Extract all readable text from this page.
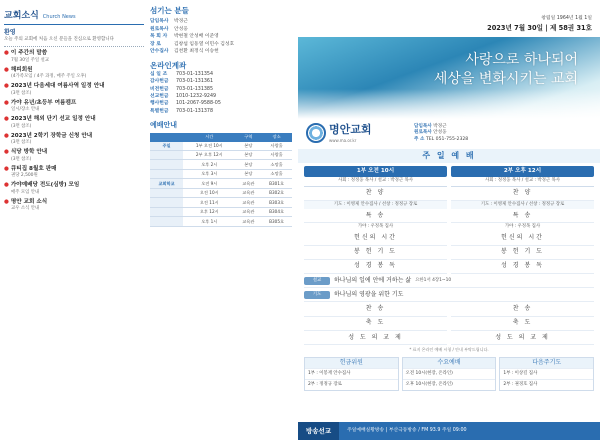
교회소식 Church News
환영
오늘 주의 교회에 처음 오신 분들을 진심으로 환영합니다
● 이 주간의 말씀
7월 30일 주일 설교
● 해피회원
(4가족모임 / 4주 과정, 매주 주일 오후)
● 2023년 다음세대 여름사역 일정 안내
(3면 참조)
● 가야 유년/초등부 여름캠프
일시/장소 안내
● 2023년 해외 단기 선교 일정 안내
(3면 참조)
● 2023년 2학기 장학금 신청 안내
(3면 참조)
● 식당 방학 안내
(3면 참조)
● 큐티집 8월호 판매
권당 2,500원
● 가야예배당 전도(심방) 모임
매주 모임 안내
● 명안 교회 소식
교우 소식 안내
섬기는 분들
담임목사	박경근
원로목사	안성웅
목 회 자	박현철 안성배 이준영
장 로	김창섭 임동열 이민수 김성호
안수집사	김천환 최정식 이승헌
온라인계좌
십 일 조	703-01-131354
감사헌금	703-01-131361
비전헌금	703-01-131385
선교헌금	1010-1232-9249
행사헌금	101-2067-9588-05
특별헌금	703-01-131378
예배안내
	시간	구역	장소
주일	1부 오전 10시	본당	사랑홀
	2부 오후 12시	본당	사랑홀
	오후 2시	본당	소망홀
	오후 3시	본당	소망홀
교회학교	오전 9시	교육관	B301호
	오전 10시	교육관	B302호
	오전 11시	교육관	B303호
	오후 12시	교육관	B304호
	오후 1시	교육관	B305호
창립일 1964년 1월 1일
2023년 7월 30일 | 제 58권 31호
사랑으로 하나되어
세상을 변화시키는 교회
명안교회
www.ma.or.kr
담임목사 박경근
원로목사 안성웅
주 소 TEL 051-755-2328
주 일 예 배
1부 오전 10시
사회 : 정정웅 목사 / 설교 : 박경근 목사
찬 양
기도 : 이병제 안수집사 / 선창 : 정정규 장로
특 송
가야 : 우정목 집사
헌신의 시간
봉 헌 기 도
성 경 봉 독
2부 오후 12시
사회 : 정정웅 목사 / 설교 : 박경근 목사
찬 양
기도 : 이병제 안수집사 / 선창 : 정정규 장로
특 송
가야 : 우정목 집사
헌신의 시간
봉 헌 기 도
성 경 봉 독
설교	하나님의 일에 안에 거하는 삶 요한1서 4장1~10
기도	하나님의 영광을 위한 기도
찬 송
축 도
성 도 의 교 제
찬 송
축 도
성 도 의 교 제
* 표지 온라인 예배 시청 / 안내 부탁드립니다.
헌금위원
1부 : 이봉재 안수집사
2부 : 정정규 장로
수요예배
오전 10시(현장, 온라인)
오후 10시(현장, 온라인)
다음주기도
1부 : 이상길 집사
2부 : 권경호 집사
방송선교	주일예배실황방송 | 부산극동방송 / FM 93.9 주일 09:00
